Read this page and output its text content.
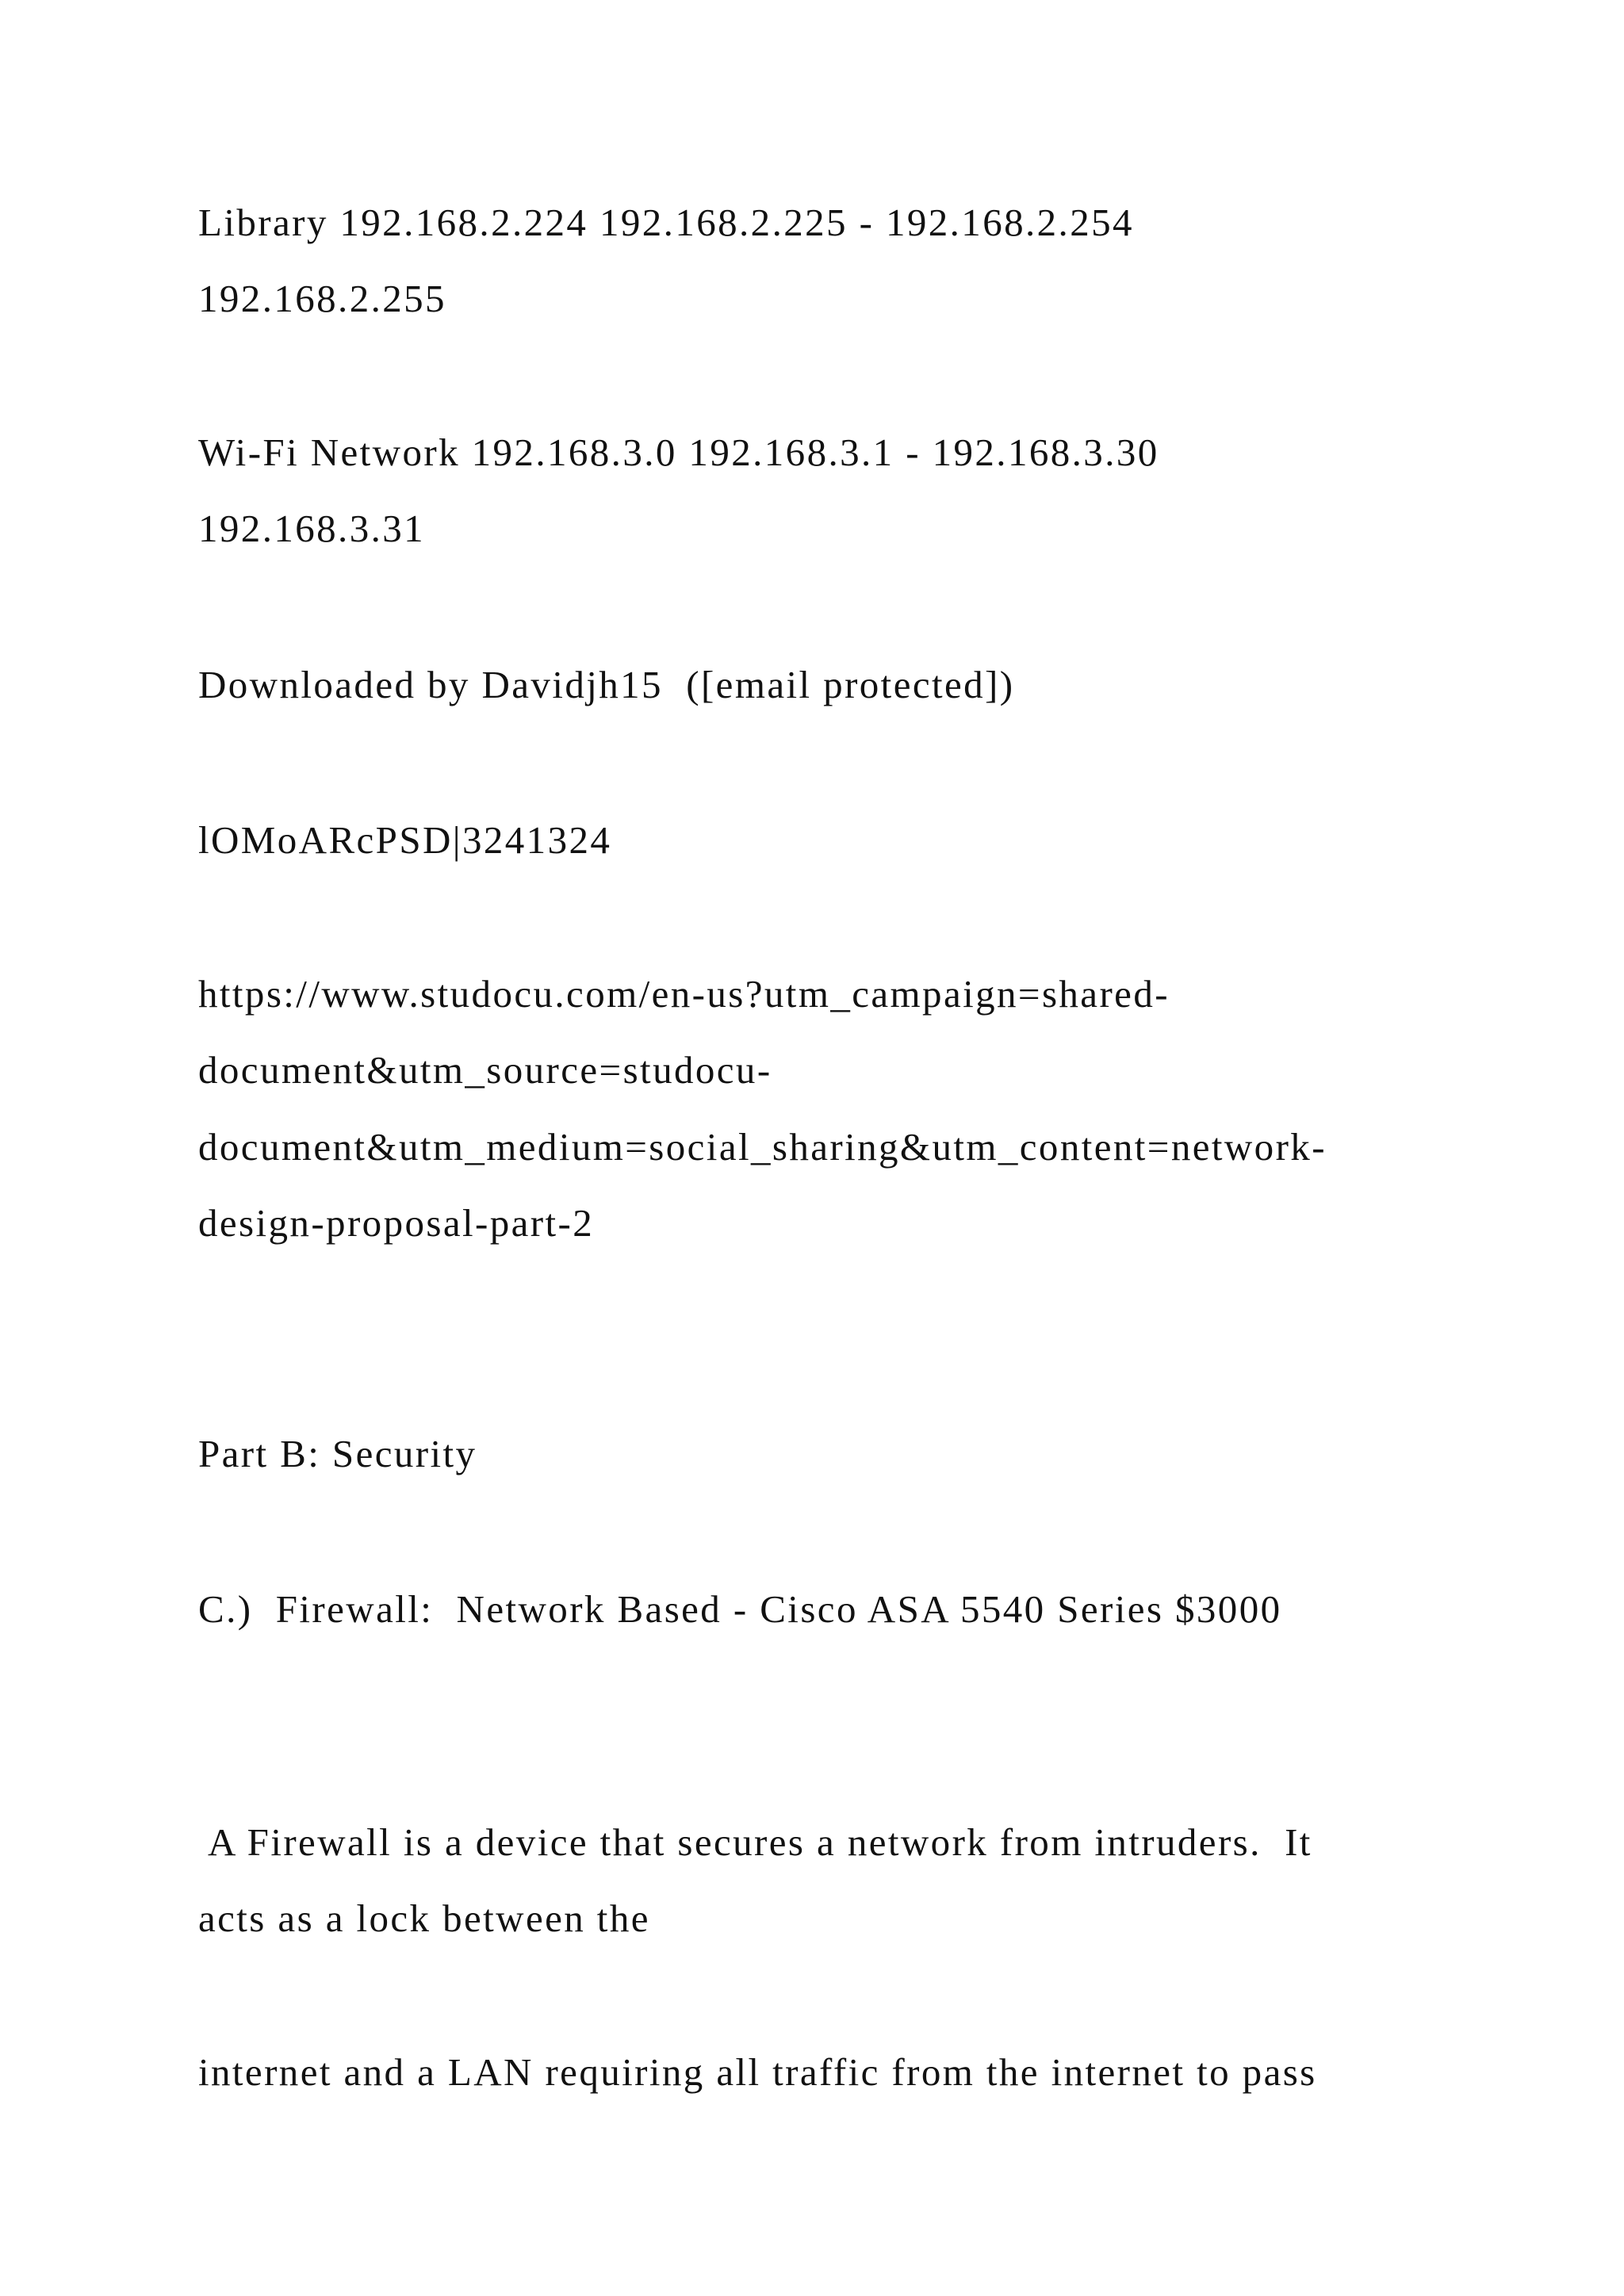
Library 192.168.2.224 192.168.2.225 - 192.168.2.254

192.168.2.255

Wi-Fi Network 192.168.3.0 192.168.3.1 - 192.168.3.30

192.168.3.31

Downloaded by Davidjh15  ([email protected])

lOMoARcPSD|3241324

https://www.studocu.com/en-us?utm_campaign=shared-

document&utm_source=studocu-

document&utm_medium=social_sharing&utm_content=network-

design-proposal-part-2

Part B: Security

C.)  Firewall:  Network Based - Cisco ASA 5540 Series $3000

A Firewall is a device that secures a network from intruders.  It

acts as a lock between the

internet and a LAN requiring all traffic from the internet to pass
